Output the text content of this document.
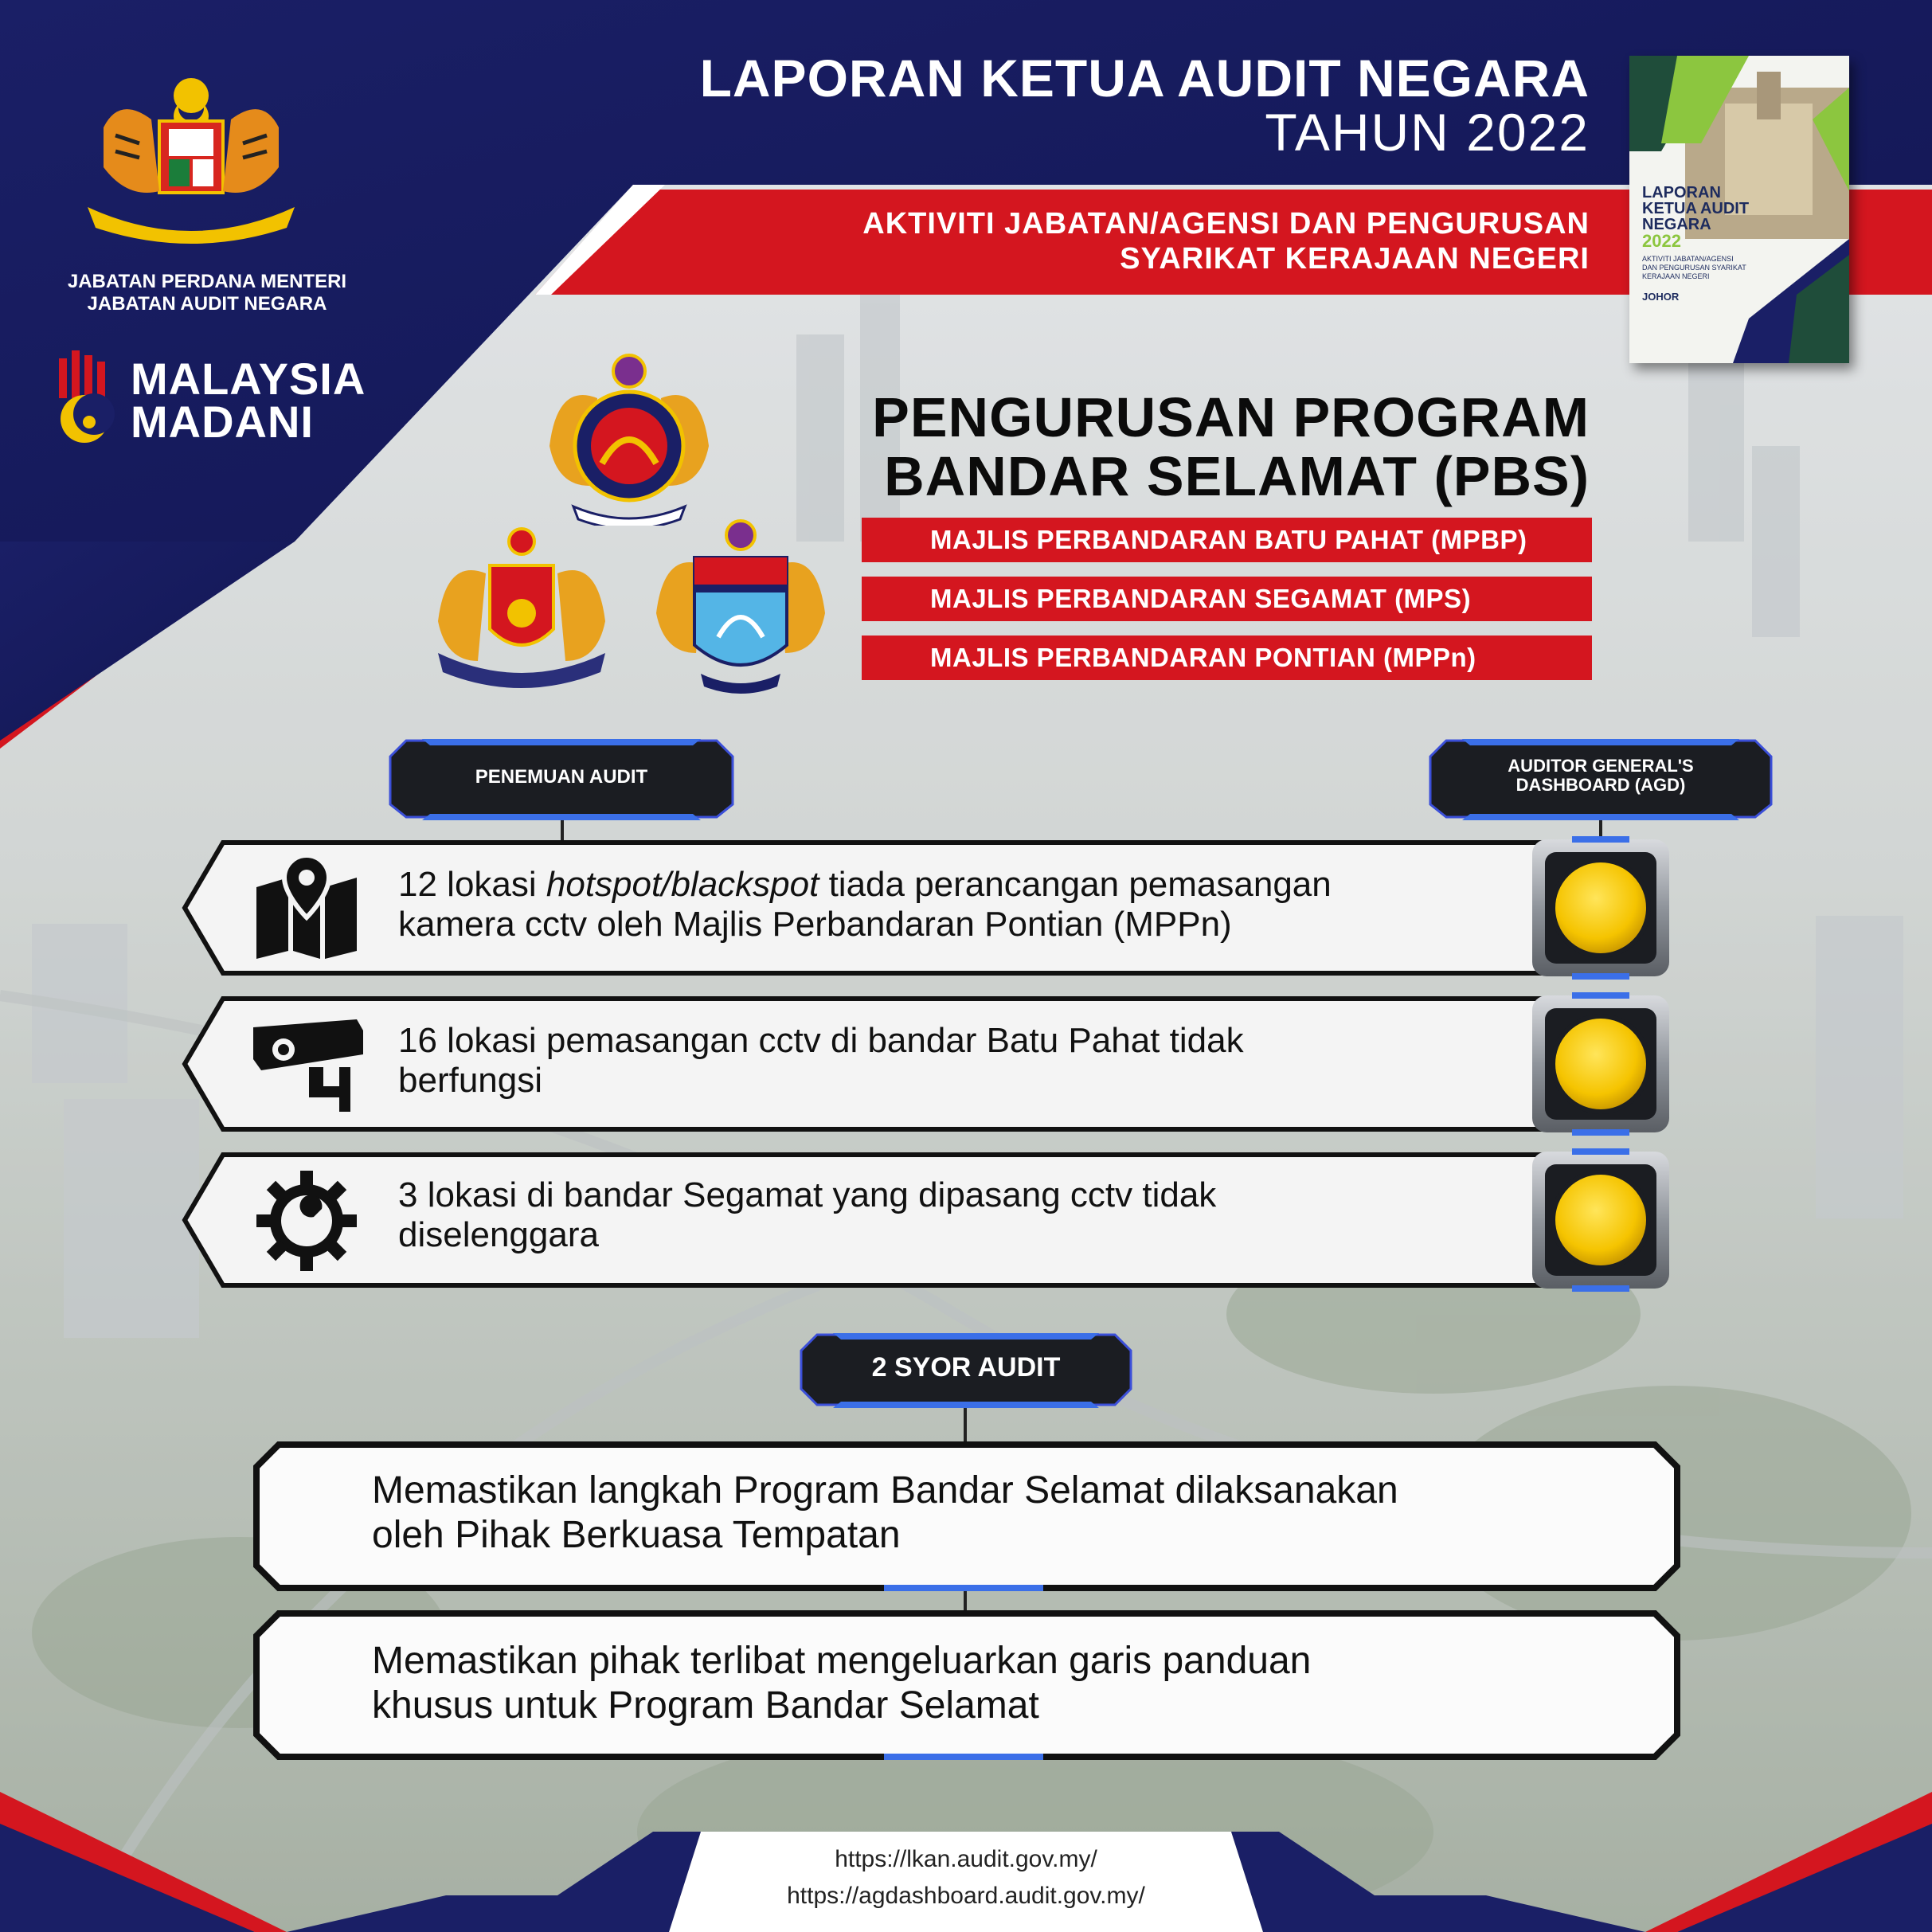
JABATAN PERDANA MENTERI
JABATAN AUDIT NEGARA
MALAYSIA
MADANI
LAPORAN KETUA AUDIT NEGARA
TAHUN 2022
AKTIVITI JABATAN/AGENSI DAN PENGURUSAN
SYARIKAT KERAJAAN NEGERI
LAPORAN
KETUA AUDIT
NEGARA
2022
AKTIVITI JABATAN/AGENSI
DAN PENGURUSAN SYARIKAT
KERAJAAN NEGERI
JOHOR
PENGURUSAN PROGRAM
BANDAR SELAMAT (PBS)
MAJLIS PERBANDARAN BATU PAHAT (MPBP)
MAJLIS PERBANDARAN SEGAMAT (MPS)
MAJLIS PERBANDARAN PONTIAN (MPPn)
PENEMUAN AUDIT
AUDITOR GENERAL'S
DASHBOARD (AGD)
12 lokasi hotspot/blackspot tiada perancangan pemasangan
kamera cctv oleh Majlis Perbandaran Pontian (MPPn)
16 lokasi pemasangan cctv di bandar Batu Pahat tidak
berfungsi
3 lokasi di bandar Segamat yang dipasang cctv tidak
diselenggara
2 SYOR AUDIT
Memastikan langkah Program Bandar Selamat dilaksanakan
oleh Pihak Berkuasa Tempatan
Memastikan pihak terlibat mengeluarkan garis panduan
khusus untuk Program Bandar Selamat
https://lkan.audit.gov.my/
https://agdashboard.audit.gov.my/
